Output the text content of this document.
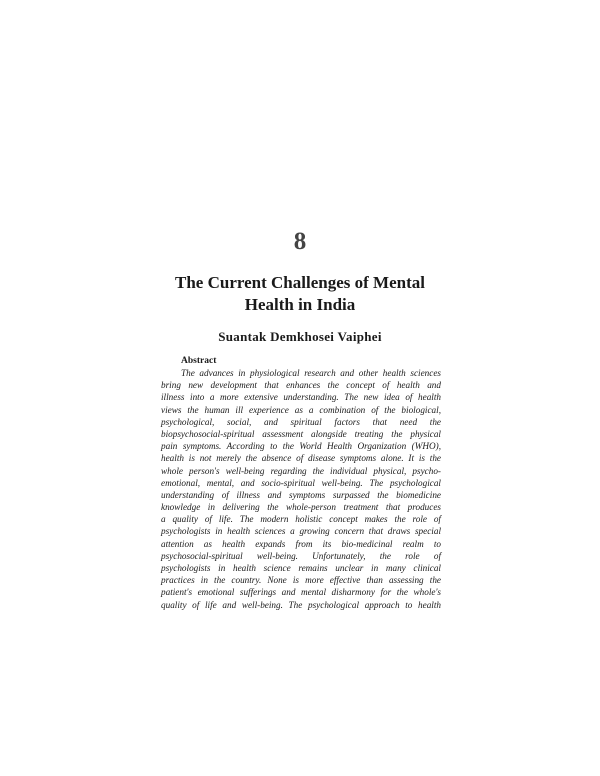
8
The Current Challenges of Mental
Health in India

Suantak Demkhosei Vaiphei

Abstract

The advances in physiological research and other health sciences
bring new development that enhances the concept of health and
illness into a more extensive understanding. The new idea of health
views the human ill experience as a combination of the biological,
psychological, social, and spiritual factors that need the
biopsychosocial-spiritual assessment alongside treating the physical
pain symptoms. According to the World Health Organization (WHO),
health is not merely the absence of disease symptoms alone. It is the
whole person's well-being regarding the individual physical, psycho-
emotional, mental, and socio-spiritual well-being. The psychological
understanding of illness and symptoms surpassed the biomedicine
knowledge in delivering the whole-person treatment that produces
a quality of life. The modern holistic concept makes the role of
psychologists in health sciences a growing concern that draws special
attention as health expands from its bio-medicinal realm to
psychosocial-spiritual well-being. Unfortunately, the role of
psychologists in health science remains unclear in many clinical
practices in the country. None is more effective than assessing the
patient's emotional sufferings and mental disharmony for the whole's
quality of life and well-being. The psychological approach to health
